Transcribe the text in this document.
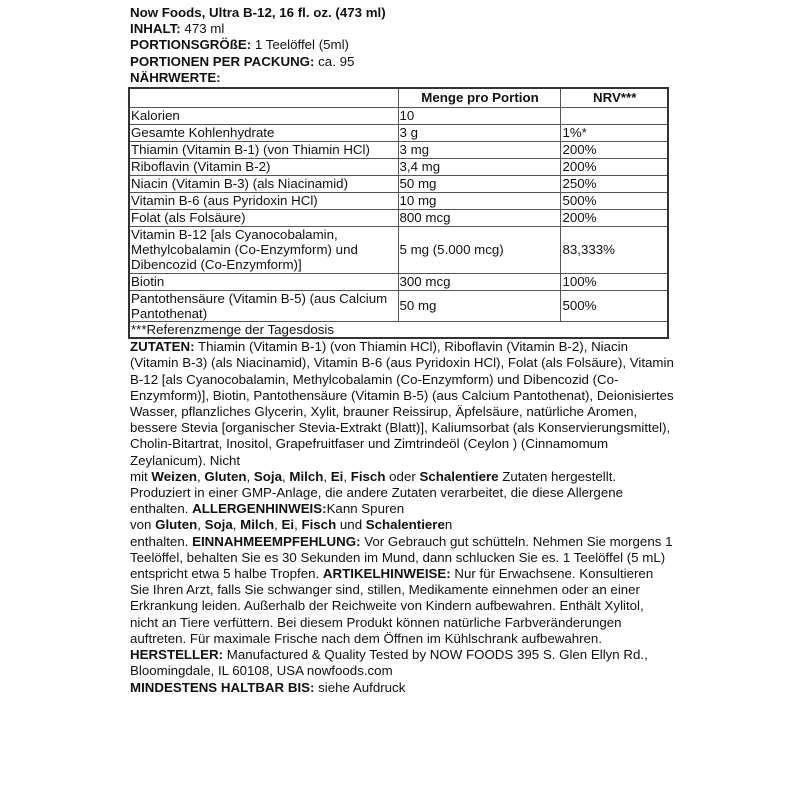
Now Foods, Ultra B-12, 16 fl. oz. (473 ml)
INHALT: 473 ml
PORTIONSGRÖßE: 1 Teelöffel (5ml)
PORTIONEN PER PACKUNG: ca. 95
NÄHRWERTE:
	Menge pro Portion	NRV***
Kalorien	10	
Gesamte Kohlenhydrate	3 g	1%*
Thiamin (Vitamin B-1) (von Thiamin HCl)	3 mg	200%
Riboflavin (Vitamin B-2)	3,4 mg	200%
Niacin (Vitamin B-3) (als Niacinamid)	50 mg	250%
Vitamin B-6 (aus Pyridoxin HCl)	10 mg	500%
Folat (als Folsäure)	800 mcg	200%
Vitamin B-12 [als Cyanocobalamin, Methylcobalamin (Co-Enzymform) und Dibencozid (Co-Enzymform)]	5 mg (5.000 mcg)	83,333%
Biotin	300 mcg	100%
Pantothensäure (Vitamin B-5) (aus Calcium Pantothenat)	50 mg	500%
***Referenzmenge der Tagesdosis		

ZUTATEN: Thiamin (Vitamin B-1) (von Thiamin HCl), Riboflavin (Vitamin B-2), Niacin (Vitamin B-3) (als Niacinamid), Vitamin B-6 (aus Pyridoxin HCl), Folat (als Folsäure), Vitamin B-12 [als Cyanocobalamin, Methylcobalamin (Co-Enzymform) und Dibencozid (Co-Enzymform)], Biotin, Pantothensäure (Vitamin B-5) (aus Calcium Pantothenat), Deionisiertes Wasser, pflanzliches Glycerin, Xylit, brauner Reissirup, Äpfelsäure, natürliche Aromen, bessere Stevia [organischer Stevia-Extrakt (Blatt)], Kaliumsorbat (als Konservierungsmittel), Cholin-Bitartrat, Inositol, Grapefruitfaser und Zimtrindeöl (Ceylon ) (Cinnamomum Zeylanicum). Nicht
mit Weizen, Gluten, Soja, Milch, Ei, Fisch oder Schalentiere Zutaten hergestellt. Produziert in einer GMP-Anlage, die andere Zutaten verarbeitet, die diese Allergene enthalten. ALLERGENHINWEIS:Kann Spuren
von Gluten, Soja, Milch, Ei, Fisch und Schalentieren
enthalten. EINNAHMEEMPFEHLUNG: Vor Gebrauch gut schütteln. Nehmen Sie morgens 1 Teelöffel, behalten Sie es 30 Sekunden im Mund, dann schlucken Sie es. 1 Teelöffel (5 mL) entspricht etwa 5 halbe Tropfen. ARTIKELHINWEISE: Nur für Erwachsene. Konsultieren Sie Ihren Arzt, falls Sie schwanger sind, stillen, Medikamente einnehmen oder an einer Erkrankung leiden. Außerhalb der Reichweite von Kindern aufbewahren. Enthält Xylitol, nicht an Tiere verfüttern. Bei diesem Produkt können natürliche Farbveränderungen auftreten. Für maximale Frische nach dem Öffnen im Kühlschrank aufbewahren.

HERSTELLER: Manufactured & Quality Tested by NOW FOODS 395 S. Glen Ellyn Rd., Bloomingdale, IL 60108, USA nowfoods.com

MINDESTENS HALTBAR BIS: siehe Aufdruck
